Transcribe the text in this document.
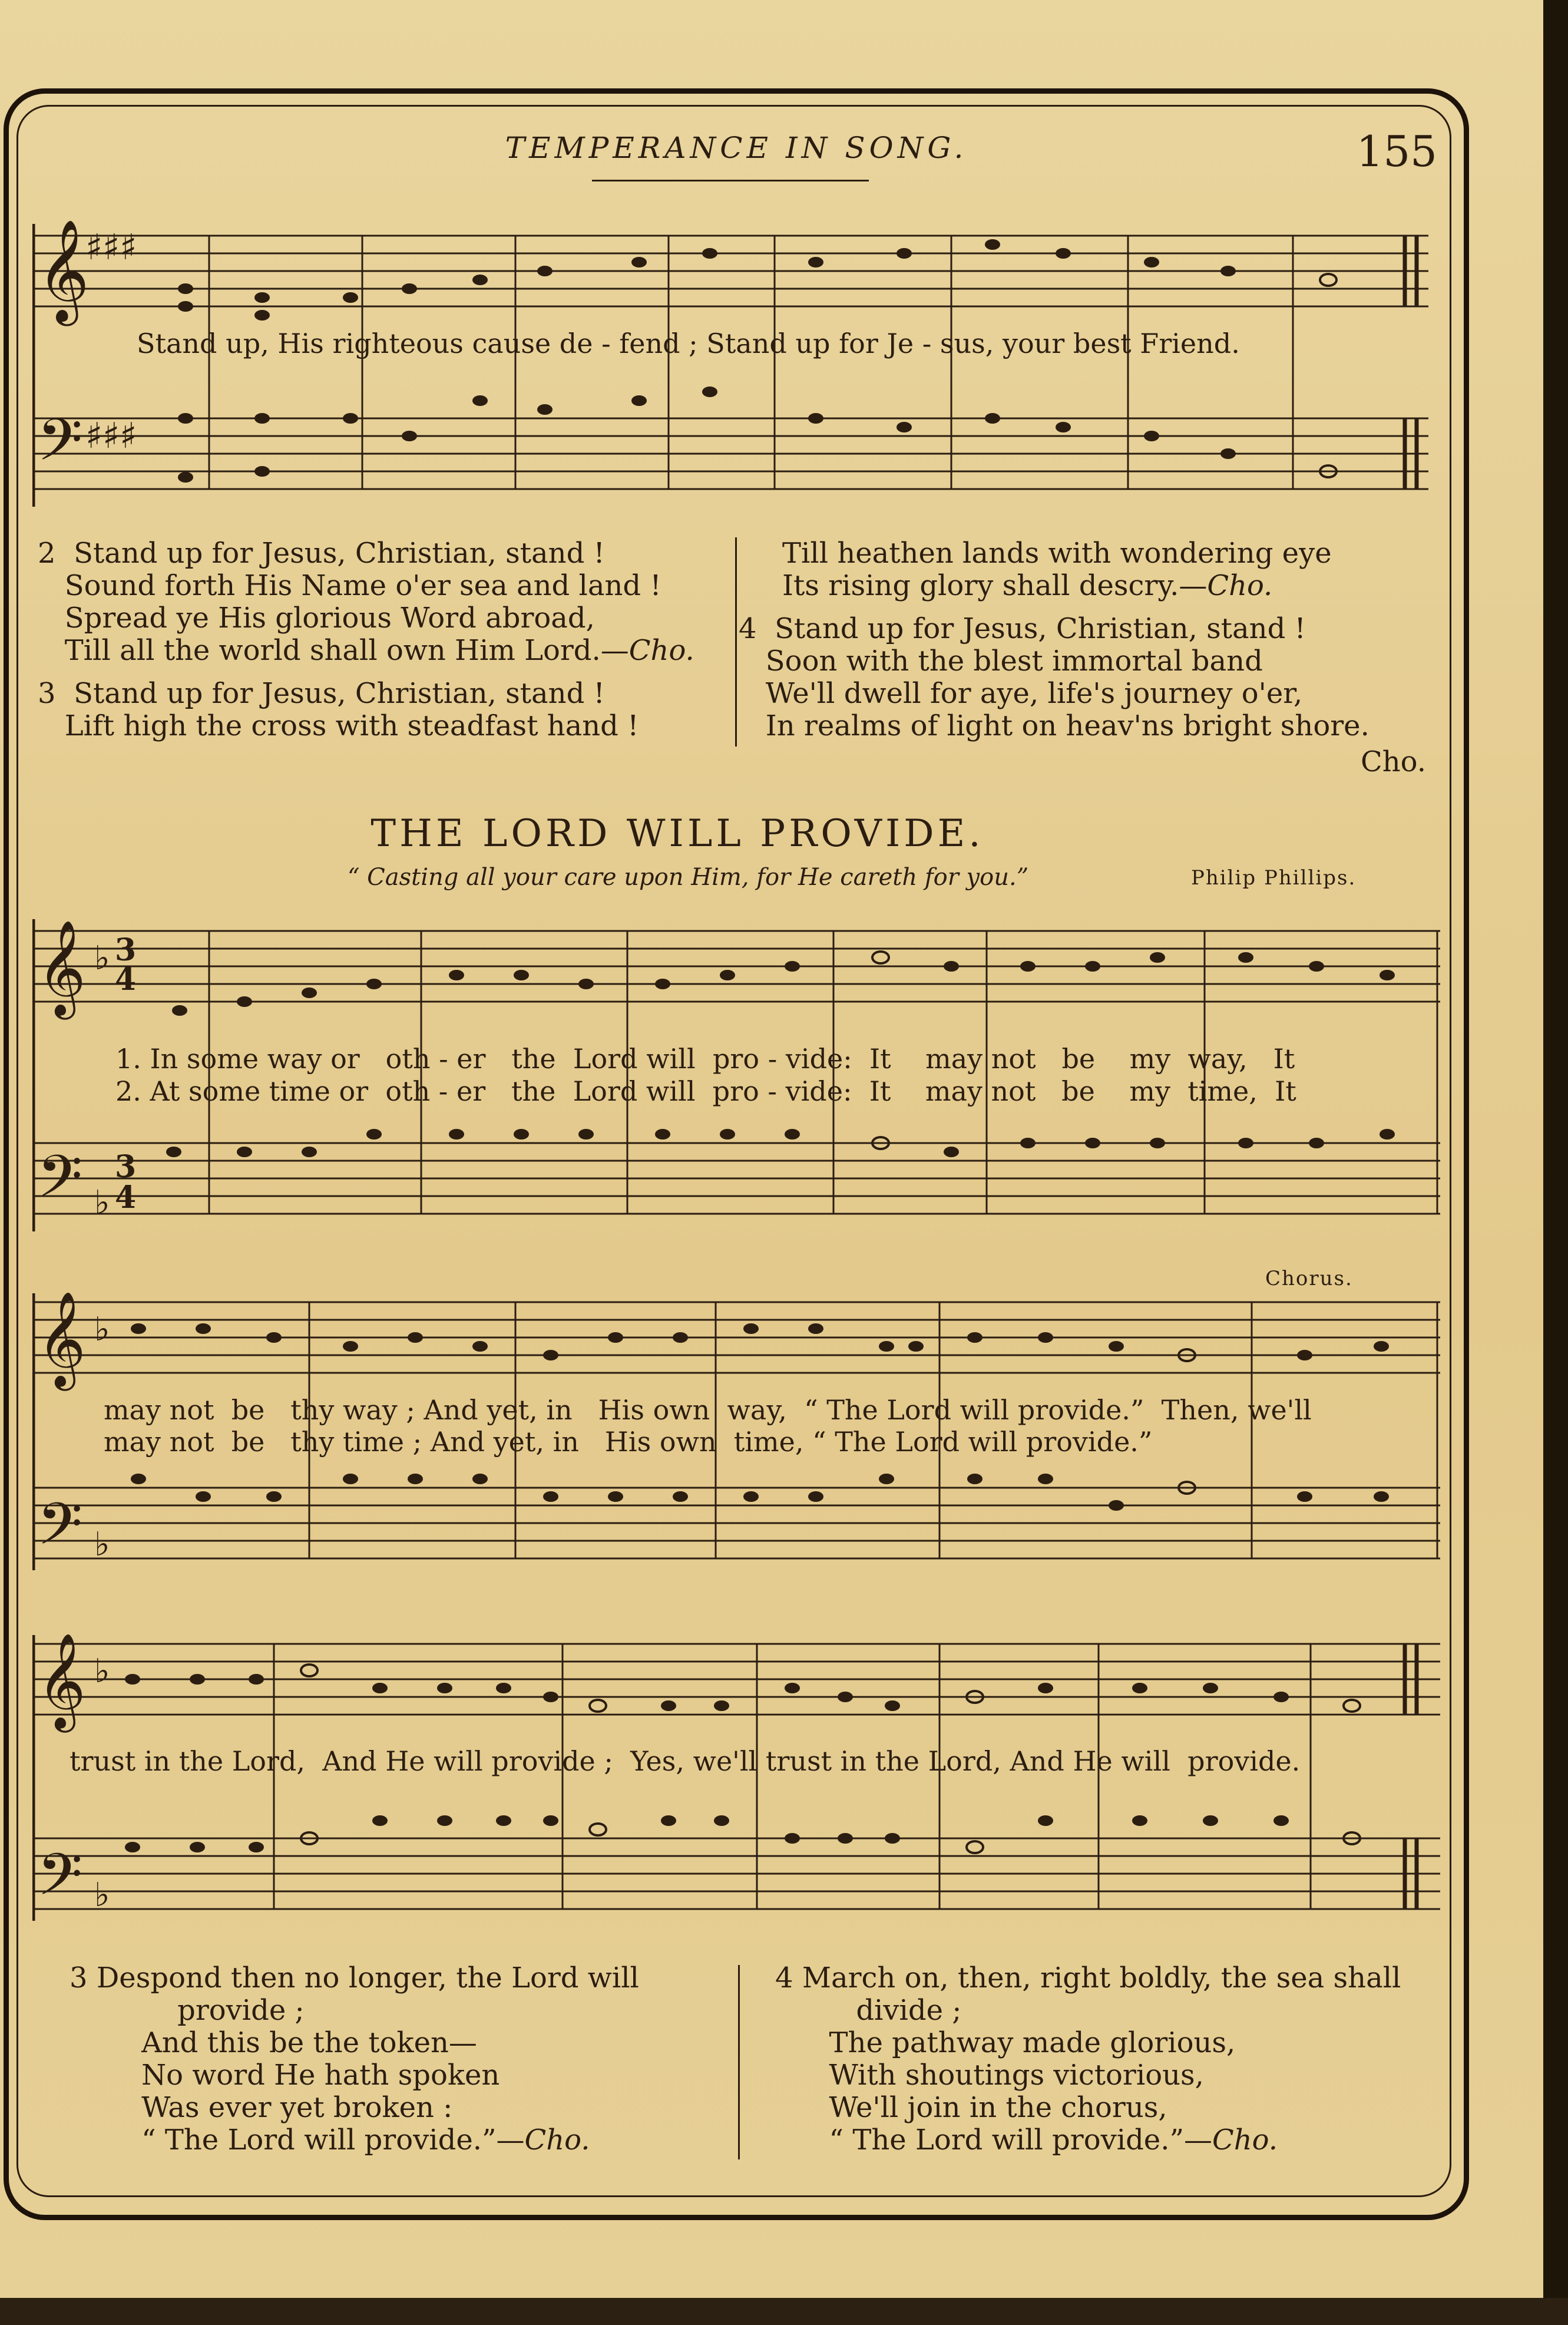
TEMPERANCE IN SONG.	155
𝄞
♯♯♯
𝄢 ♯♯♯
Stand up, His righteous cause de - fend ; Stand up for Je - sus, your best Friend.
2 Stand up for Jesus, Christian, stand !
Sound forth His Name o'er sea and land !
Spread ye His glorious Word abroad,
Till all the world shall own Him Lord.—Cho.
3 Stand up for Jesus, Christian, stand !
Lift high the cross with steadfast hand !
Till heathen lands with wondering eye
Its rising glory shall descry.—Cho.
4 Stand up for Jesus, Christian, stand !
Soon with the blest immortal band
We'll dwell for aye, life's journey o'er,
In realms of light on heav'ns bright shore.
Cho.
THE LORD WILL PROVIDE.
“ Casting all your care upon Him, for He careth for you.”	Philip Phillips.
𝄞 ♭ 3
4
𝄢 ♭
3
4
1. In some way or   oth - er   the  Lord will  pro - vide:  It    may not   be    my  way,   It
2. At some time or  oth - er   the  Lord will  pro - vide:  It    may not   be    my  time,  It
Chorus.
𝄞 ♭
𝄢 ♭
may not  be   thy way ; And yet, in   His own  way,  “ The Lord will provide.”  Then, we'll
may not  be   thy time ; And yet, in   His own  time, “ The Lord will provide.”
𝄞 ♭
𝄢 ♭
trust in the Lord,  And He will provide ;  Yes, we'll trust in the Lord, And He will  provide.
3 Despond then no longer, the Lord will
provide ;
And this be the token—
No word He hath spoken
Was ever yet broken :
“ The Lord will provide.”—Cho.
4 March on, then, right boldly, the sea shall
divide ;
The pathway made glorious,
With shoutings victorious,
We'll join in the chorus,
“ The Lord will provide.”—Cho.
